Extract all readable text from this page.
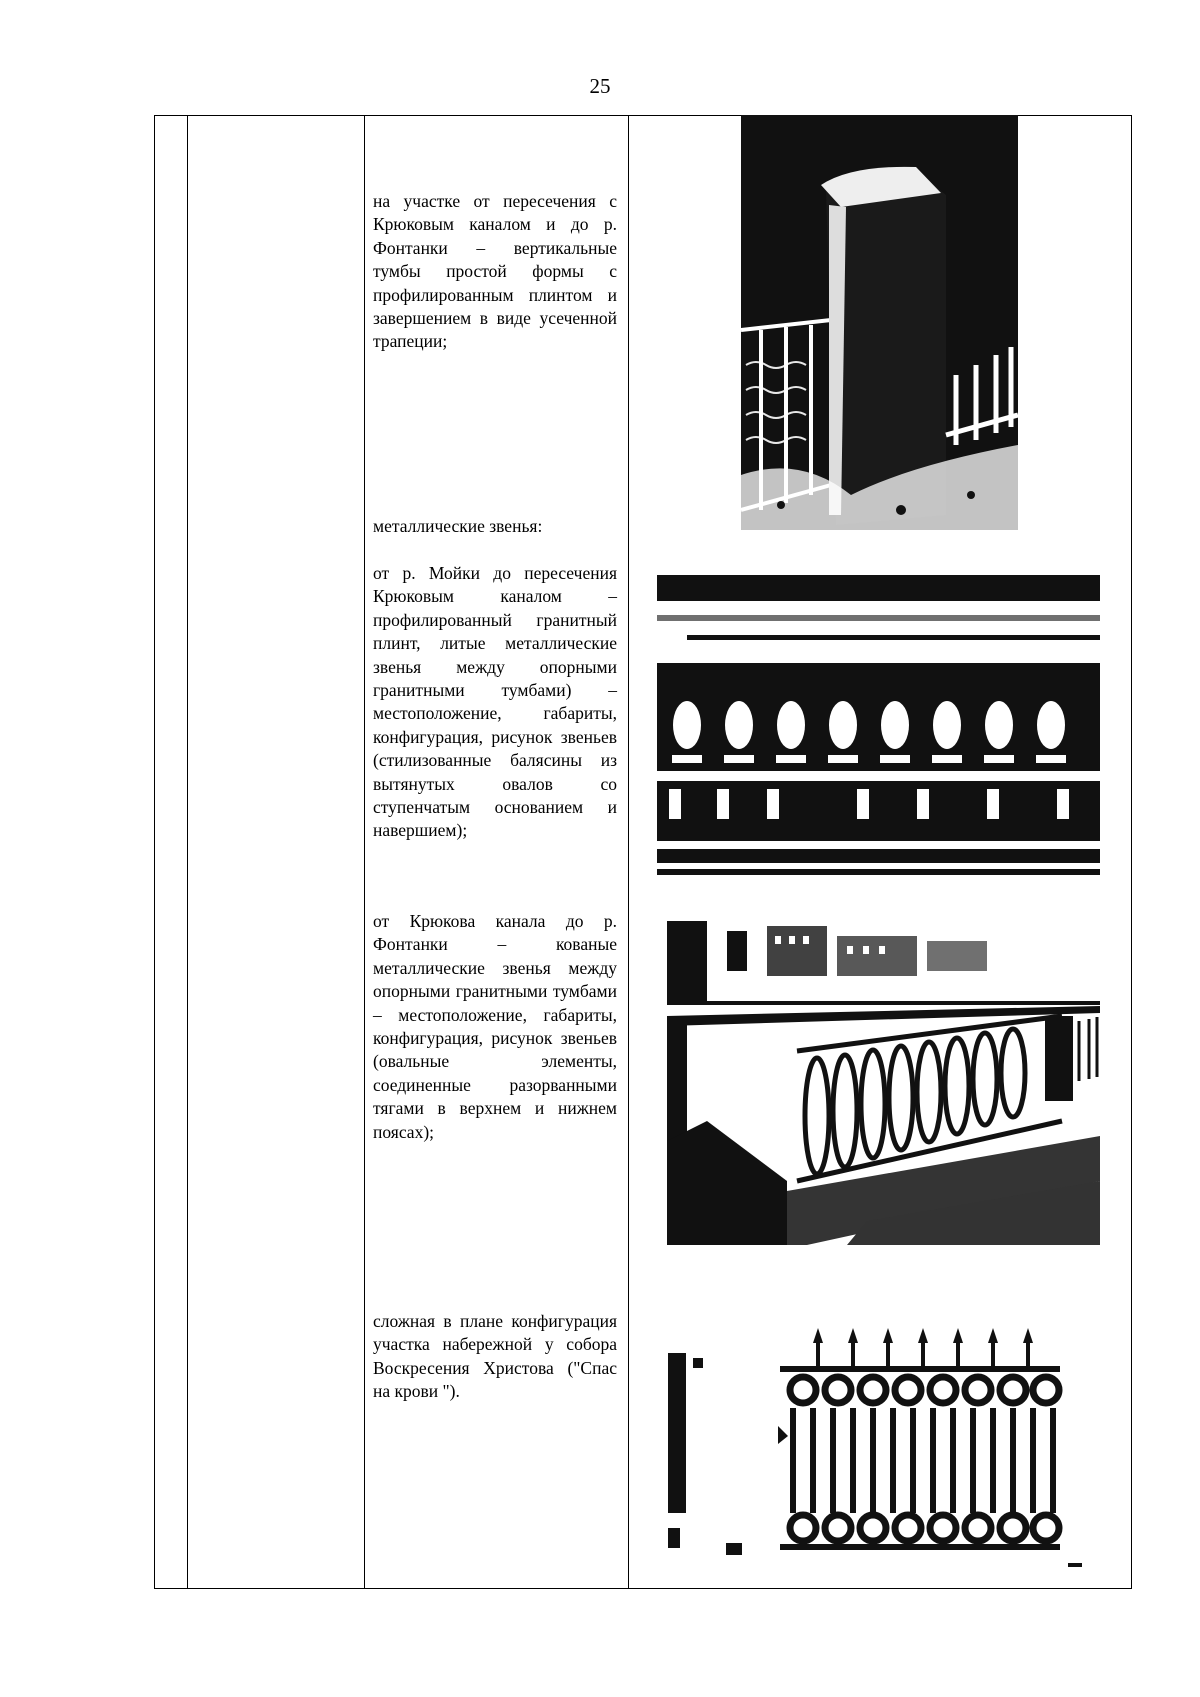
25

на участке от пересечения с Крюковым каналом и до р. Фонтанки – вертикальные тумбы простой формы с профилированным плинтом и завершением в виде усеченной трапеции;

металлические звенья:

от р. Мойки до пересечения Крюковым каналом – профилированный гранитный плинт, литые металлические звенья между опорными гранитными тумбами) – местоположение, габариты, конфигурация, рисунок звеньев (стилизованные балясины из вытянутых овалов со ступенчатым основанием и навершием);

от Крюкова канала до р. Фонтанки – кованые металлические звенья между опорными гранитными тумбами – местоположение, габариты, конфигурация, рисунок звеньев (овальные элементы, соединенные разорванными тягами в верхнем и нижнем поясах);

сложная в плане конфигурация участка набережной у собора Воскресения Христова ("Спас на крови ").
